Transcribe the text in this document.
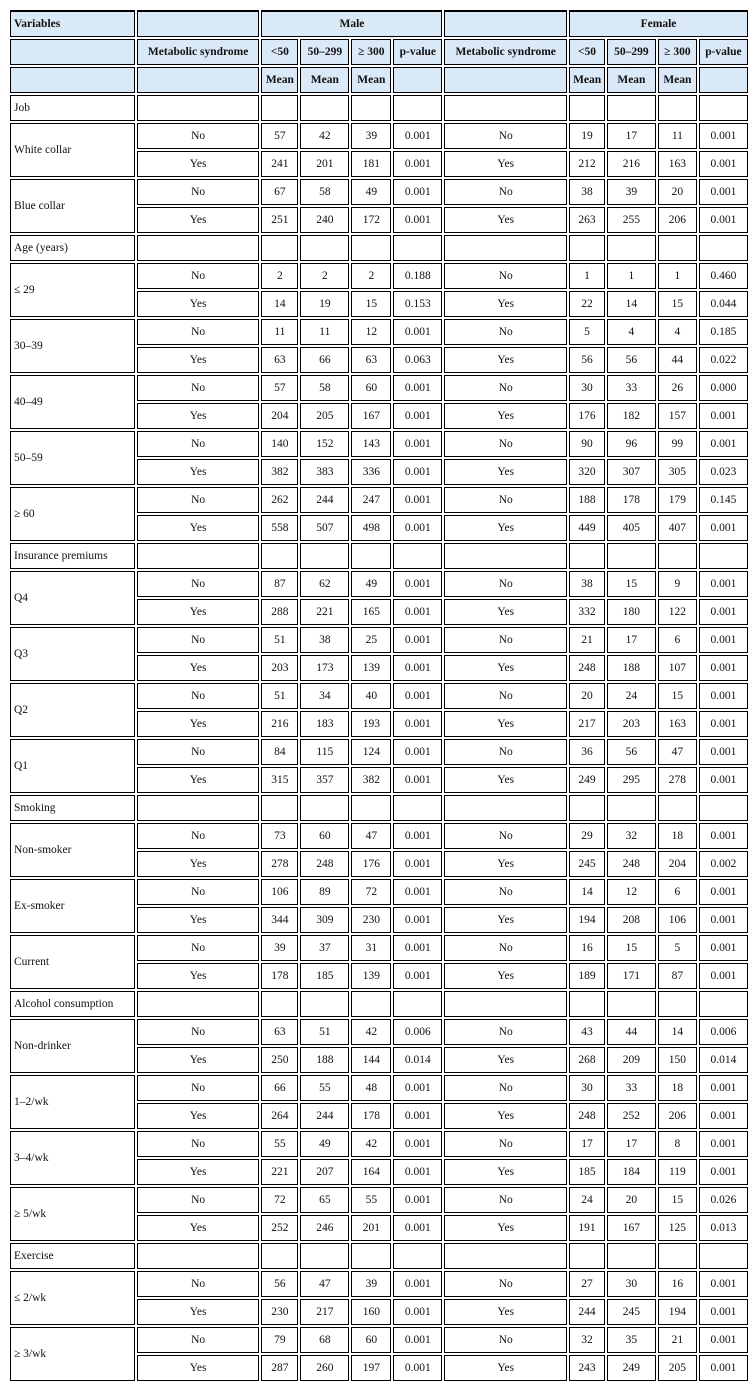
Variables		Male					Female			
	Metabolic syndrome	<50	50–299	≥ 300	p-value	Metabolic syndrome	<50	50–299	≥ 300	p-value
		Mean	Mean	Mean			Mean	Mean	Mean	
Job										
White collar	No	57	42	39	0.001	No	19	17	11	0.001
	Yes	241	201	181	0.001	Yes	212	216	163	0.001
Blue collar	No	67	58	49	0.001	No	38	39	20	0.001
	Yes	251	240	172	0.001	Yes	263	255	206	0.001
Age (years)										
≤ 29	No	2	2	2	0.188	No	1	1	1	0.460
	Yes	14	19	15	0.153	Yes	22	14	15	0.044
30–39	No	11	11	12	0.001	No	5	4	4	0.185
	Yes	63	66	63	0.063	Yes	56	56	44	0.022
40–49	No	57	58	60	0.001	No	30	33	26	0.000
	Yes	204	205	167	0.001	Yes	176	182	157	0.001
50–59	No	140	152	143	0.001	No	90	96	99	0.001
	Yes	382	383	336	0.001	Yes	320	307	305	0.023
≥ 60	No	262	244	247	0.001	No	188	178	179	0.145
	Yes	558	507	498	0.001	Yes	449	405	407	0.001
Insurance premiums										
Q4	No	87	62	49	0.001	No	38	15	9	0.001
	Yes	288	221	165	0.001	Yes	332	180	122	0.001
Q3	No	51	38	25	0.001	No	21	17	6	0.001
	Yes	203	173	139	0.001	Yes	248	188	107	0.001
Q2	No	51	34	40	0.001	No	20	24	15	0.001
	Yes	216	183	193	0.001	Yes	217	203	163	0.001
Q1	No	84	115	124	0.001	No	36	56	47	0.001
	Yes	315	357	382	0.001	Yes	249	295	278	0.001
Smoking										
Non-smoker	No	73	60	47	0.001	No	29	32	18	0.001
	Yes	278	248	176	0.001	Yes	245	248	204	0.002
Ex-smoker	No	106	89	72	0.001	No	14	12	6	0.001
	Yes	344	309	230	0.001	Yes	194	208	106	0.001
Current	No	39	37	31	0.001	No	16	15	5	0.001
	Yes	178	185	139	0.001	Yes	189	171	87	0.001
Alcohol consumption										
Non-drinker	No	63	51	42	0.006	No	43	44	14	0.006
	Yes	250	188	144	0.014	Yes	268	209	150	0.014
1–2/wk	No	66	55	48	0.001	No	30	33	18	0.001
	Yes	264	244	178	0.001	Yes	248	252	206	0.001
3–4/wk	No	55	49	42	0.001	No	17	17	8	0.001
	Yes	221	207	164	0.001	Yes	185	184	119	0.001
≥ 5/wk	No	72	65	55	0.001	No	24	20	15	0.026
	Yes	252	246	201	0.001	Yes	191	167	125	0.013
Exercise										
≤ 2/wk	No	56	47	39	0.001	No	27	30	16	0.001
	Yes	230	217	160	0.001	Yes	244	245	194	0.001
≥ 3/wk	No	79	68	60	0.001	No	32	35	21	0.001
	Yes	287	260	197	0.001	Yes	243	249	205	0.001
